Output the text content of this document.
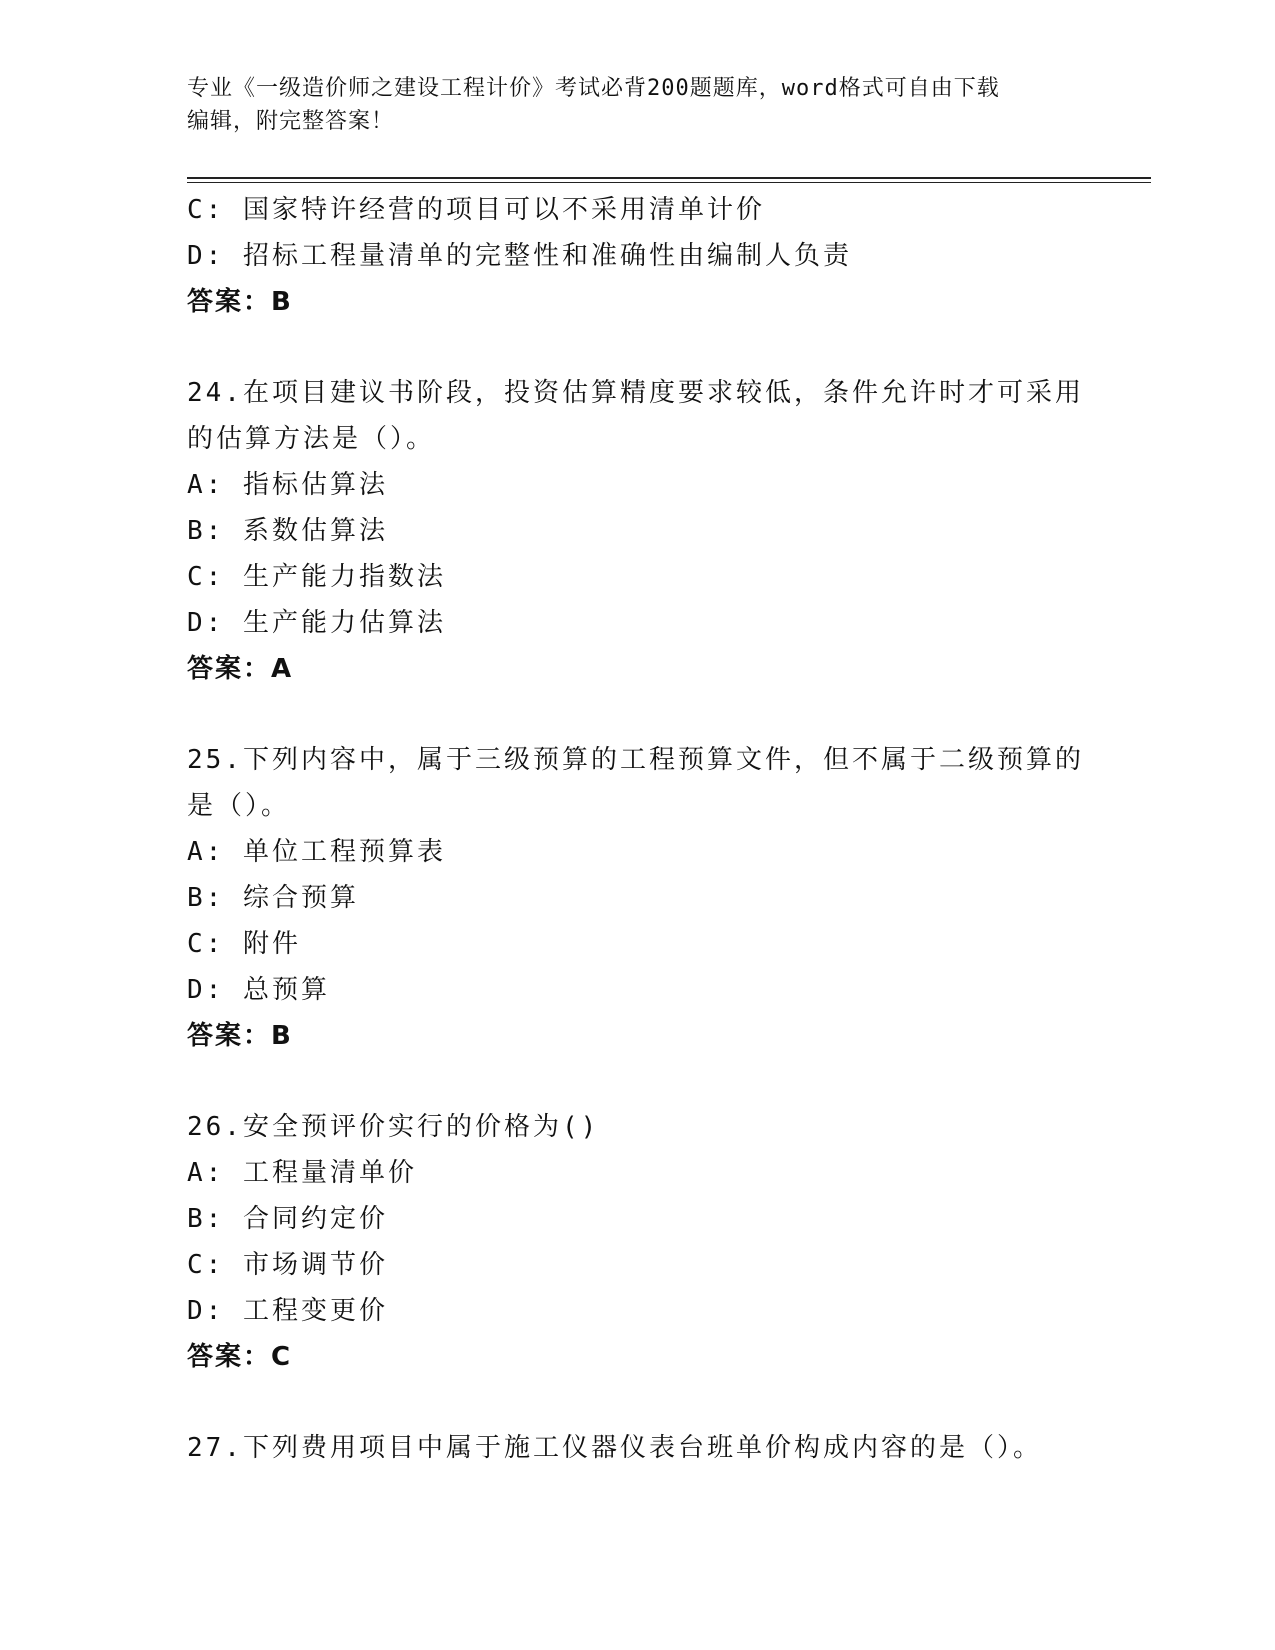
专业《一级造价师之建设工程计价》考试必背200题题库，word格式可自由下载
编辑，附完整答案！
C: 国家特许经营的项目可以不采用清单计价
D: 招标工程量清单的完整性和准确性由编制人负责
答案：B
24.在项目建议书阶段，投资估算精度要求较低，条件允许时才可采用
的估算方法是（）。
A: 指标估算法
B: 系数估算法
C: 生产能力指数法
D: 生产能力估算法
答案：A
25.下列内容中，属于三级预算的工程预算文件，但不属于二级预算的
是（）。
A: 单位工程预算表
B: 综合预算
C: 附件
D: 总预算
答案：B
26.安全预评价实行的价格为()
A: 工程量清单价
B: 合同约定价
C: 市场调节价
D: 工程变更价
答案：C
27.下列费用项目中属于施工仪器仪表台班单价构成内容的是（）。
